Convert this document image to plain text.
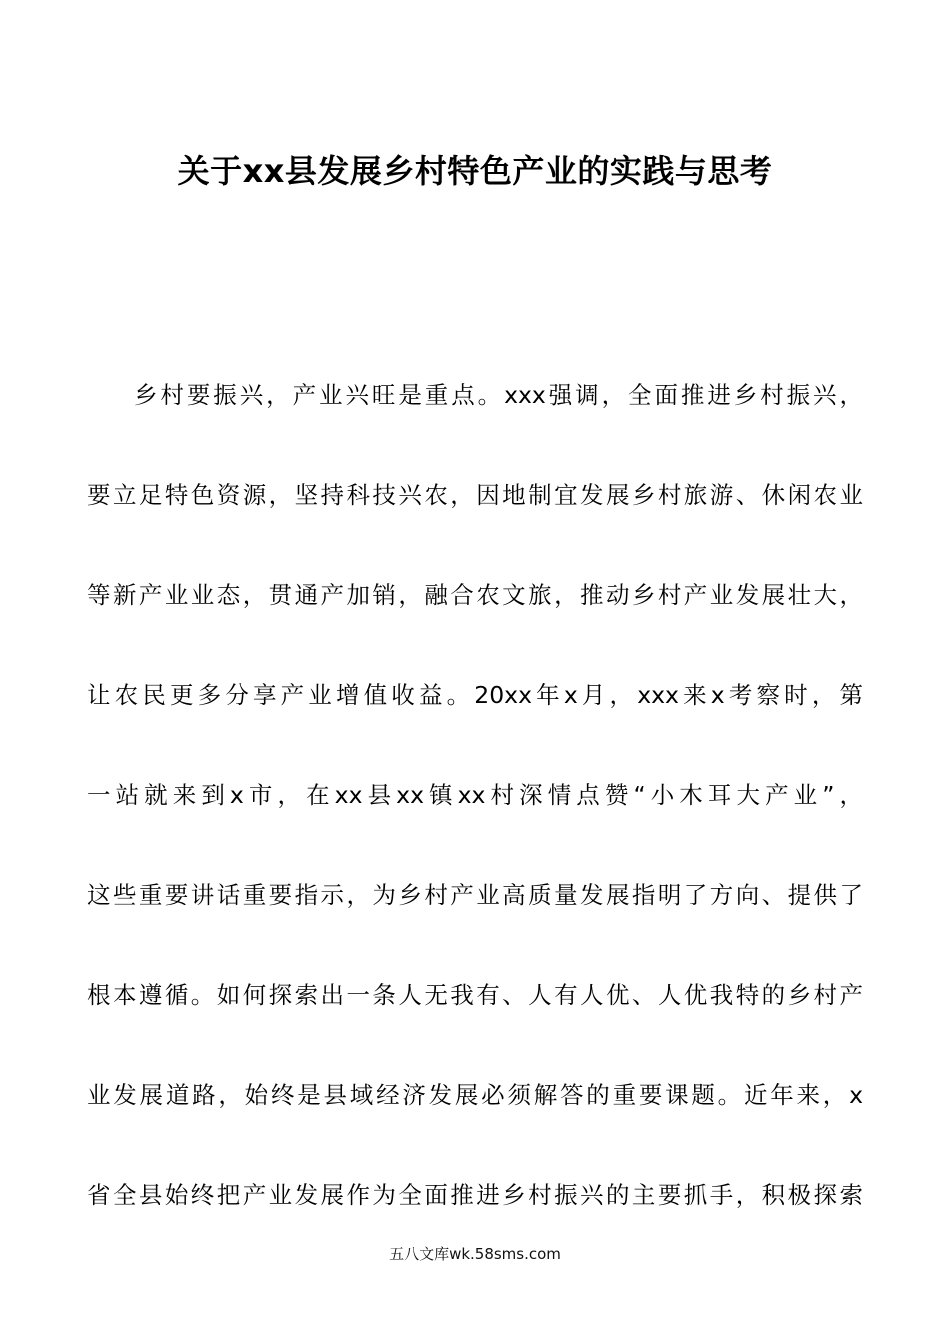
关于xx县发展乡村特色产业的实践与思考
乡村要振兴，产业兴旺是重点。xxx强调，全面推进乡村振兴，
要立足特色资源，坚持科技兴农，因地制宜发展乡村旅游、休闲农业
等新产业业态，贯通产加销，融合农文旅，推动乡村产业发展壮大，
让农民更多分享产业增值收益。20xx年x月，xxx来x考察时，第
一站就来到x市，在xx县xx镇xx村深情点赞“小木耳大产业”，
这些重要讲话重要指示，为乡村产业高质量发展指明了方向、提供了
根本遵循。如何探索出一条人无我有、人有人优、人优我特的乡村产
业发展道路，始终是县域经济发展必须解答的重要课题。近年来，x
省全县始终把产业发展作为全面推进乡村振兴的主要抓手，积极探索
五八文库wk.58sms.com
